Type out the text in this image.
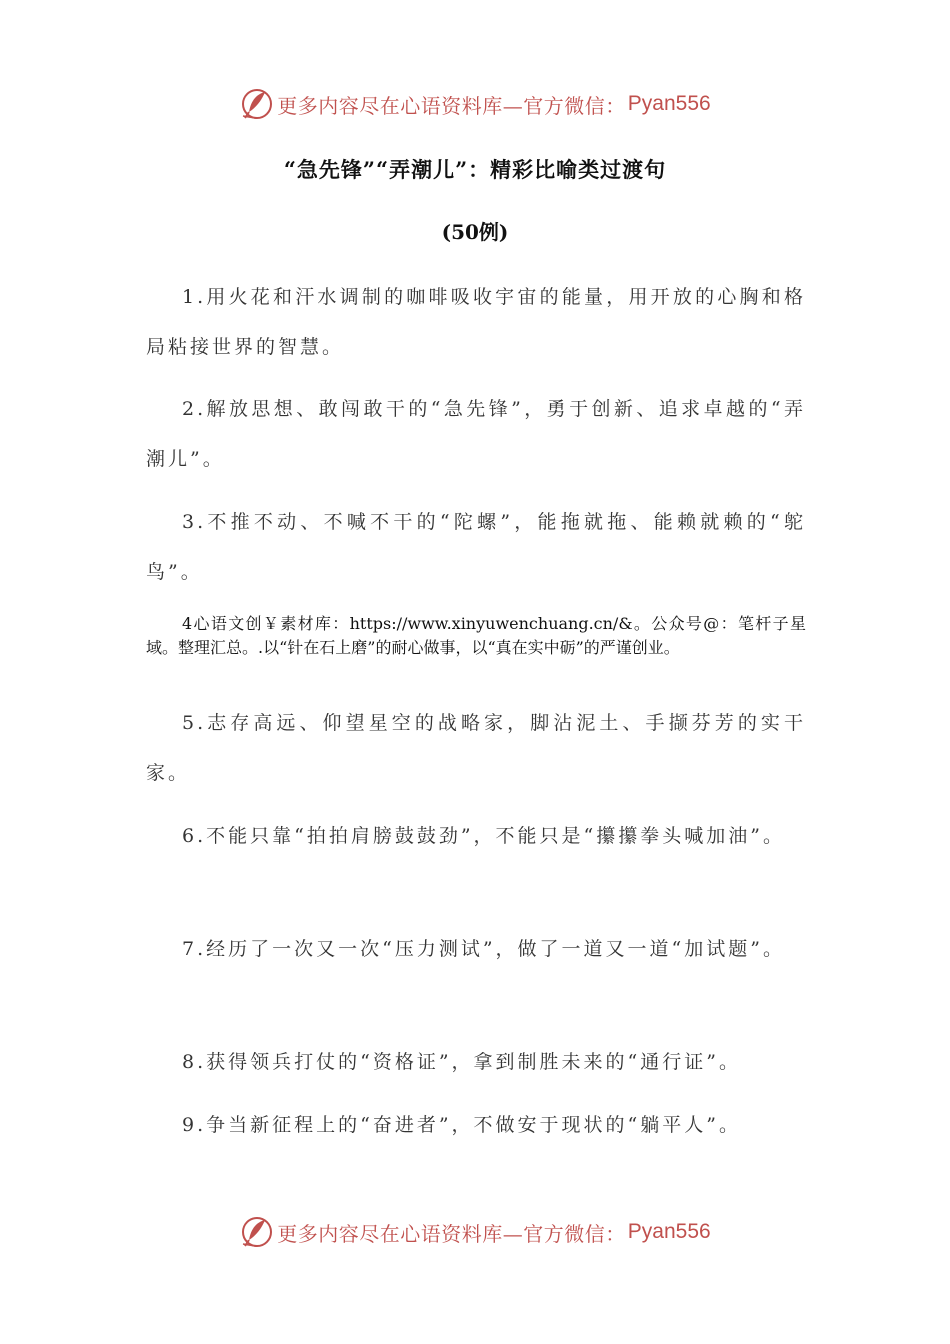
更多内容尽在心语资料库—官方微信： Pyan556
“急先锋”“弄潮儿”：精彩比喻类过渡句
(50例)
1.用火花和汗水调制的咖啡吸收宇宙的能量，用开放的心胸和格局粘接世界的智慧。
2.解放思想、敢闯敢干的“急先锋”，勇于创新、追求卓越的“弄潮儿”。
3.不推不动、不喊不干的“陀螺”，能拖就拖、能赖就赖的“鸵鸟”。
4心语文创￥素材库：https://www.xinyuwenchuang.cn/&。公众号@：笔杆子星域。整理汇总。.以“针在石上磨”的耐心做事，以“真在实中砺”的严谨创业。
5.志存高远、仰望星空的战略家，脚沾泥土、手撷芬芳的实干家。
6.不能只靠“拍拍肩膀鼓鼓劲”，不能只是“攥攥拳头喊加油”。
7.经历了一次又一次“压力测试”，做了一道又一道“加试题”。
8.获得领兵打仗的“资格证”，拿到制胜未来的“通行证”。
9.争当新征程上的“奋进者”，不做安于现状的“躺平人”。
更多内容尽在心语资料库—官方微信： Pyan556
